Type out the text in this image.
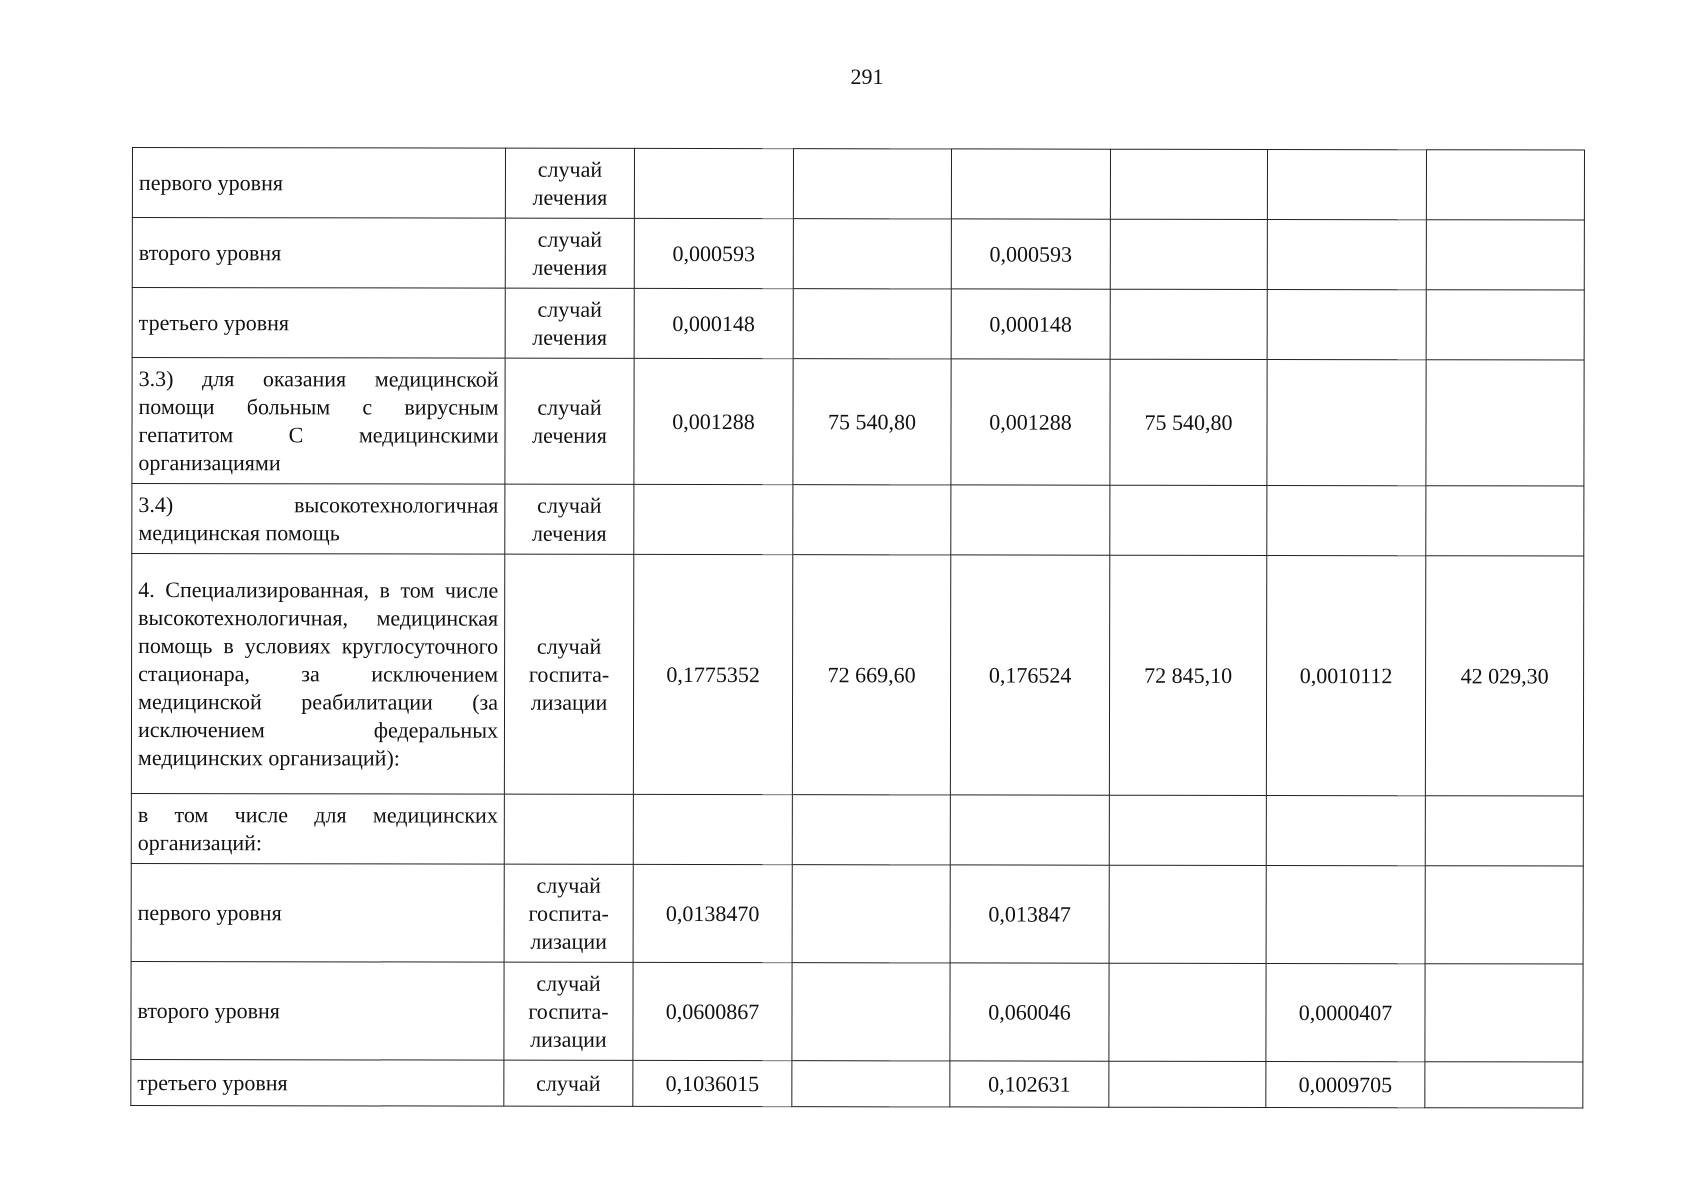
291
первого уровня	случай лечения						
второго уровня	случай лечения	0,000593		0,000593			
третьего уровня	случай лечения	0,000148		0,000148			
3.3) для оказания медицинской помощи больным с вирусным гепатитом С медицинскими организациями	случай лечения	0,001288	75 540,80	0,001288	75 540,80		
3.4) высокотехнологичная медицинская помощь	случай лечения						
4. Специализированная, в том числе высокотехнологичная, медицинская помощь в условиях круглосуточного стационара, за исключением медицинской реабилитации (за исключением федеральных медицинских организаций):	случай госпита-лизации	0,1775352	72 669,60	0,176524	72 845,10	0,0010112	42 029,30
в том числе для медицинских организаций:							
первого уровня	случай госпита-лизации	0,0138470		0,013847			
второго уровня	случай госпита-лизации	0,0600867		0,060046		0,0000407	
третьего уровня	случай	0,1036015		0,102631		0,0009705	
